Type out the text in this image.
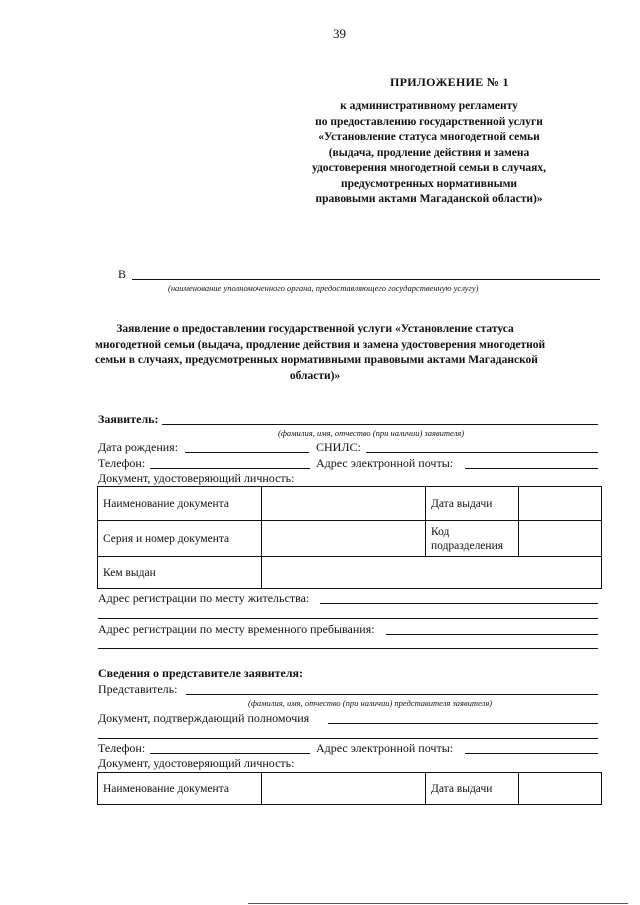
39
ПРИЛОЖЕНИЕ № 1
к административному регламенту
по предоставлению государственной услуги
«Установление статуса многодетной семьи
(выдача, продление действия и замена
удостоверения многодетной семьи в случаях,
предусмотренных нормативными
правовыми актами Магаданской области)»
В
(наименование уполномоченного органа, предоставляющего государственную услугу)
Заявление о предоставлении государственной услуги «Установление статуса
многодетной семьи (выдача, продление действия и замена удостоверения многодетной
семьи в случаях, предусмотренных нормативными правовыми актами Магаданской
области)»
Заявитель:
(фамилия, имя, отчество (при наличии) заявителя)
Дата рождения:	СНИЛС:
Телефон:	Адрес электронной почты:
Документ, удостоверяющий личность:
Наименование документа		Дата выдачи	
Серия и номер документа		Код
подразделения	

Кем выдан			
Адрес регистрации по месту жительства:
Адрес регистрации по месту временного пребывания:
Сведения о представителе заявителя:
Представитель:
(фамилия, имя, отчество (при наличии) представителя заявителя)
Документ, подтверждающий полномочия
Телефон:	Адрес электронной почты:
Документ, удостоверяющий личность:
Наименование документа		Дата выдачи	
